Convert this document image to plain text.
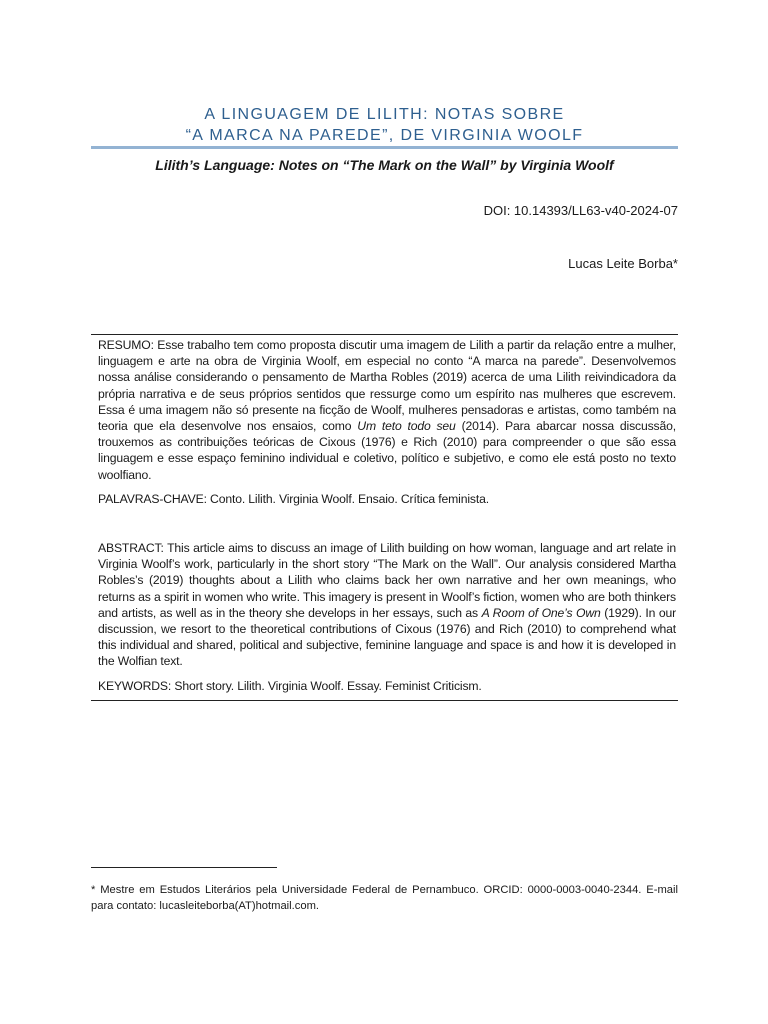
A LINGUAGEM DE LILITH: NOTAS SOBRE
“A MARCA NA PAREDE”, DE VIRGINIA WOOLF
Lilith’s Language: Notes on “The Mark on the Wall” by Virginia Woolf
DOI: 10.14393/LL63-v40-2024-07
Lucas Leite Borba*
RESUMO: Esse trabalho tem como proposta discutir uma imagem de Lilith a partir da relação entre a mulher, linguagem e arte na obra de Virginia Woolf, em especial no conto “A marca na parede”. Desenvolvemos nossa análise considerando o pensamento de Martha Robles (2019) acerca de uma Lilith reivindicadora da própria narrativa e de seus próprios sentidos que ressurge como um espírito nas mulheres que escrevem. Essa é uma imagem não só presente na ficção de Woolf, mulheres pensadoras e artistas, como também na teoria que ela desenvolve nos ensaios, como Um teto todo seu (2014). Para abarcar nossa discussão, trouxemos as contribuições teóricas de Cixous (1976) e Rich (2010) para compreender o que são essa linguagem e esse espaço feminino individual e coletivo, político e subjetivo, e como ele está posto no texto woolfiano.
PALAVRAS-CHAVE: Conto. Lilith. Virginia Woolf. Ensaio. Crítica feminista.
ABSTRACT: This article aims to discuss an image of Lilith building on how woman, language and art relate in Virginia Woolf’s work, particularly in the short story “The Mark on the Wall”. Our analysis considered Martha Robles’s (2019) thoughts about a Lilith who claims back her own narrative and her own meanings, who returns as a spirit in women who write. This imagery is present in Woolf’s fiction, women who are both thinkers and artists, as well as in the theory she develops in her essays, such as A Room of One’s Own (1929). In our discussion, we resort to the theoretical contributions of Cixous (1976) and Rich (2010) to comprehend what this individual and shared, political and subjective, feminine language and space is and how it is developed in the Wolfian text.
KEYWORDS: Short story. Lilith. Virginia Woolf. Essay. Feminist Criticism.
* Mestre em Estudos Literários pela Universidade Federal de Pernambuco. ORCID: 0000-0003-0040-2344. E-mail para contato: lucasleiteborba(AT)hotmail.com.
